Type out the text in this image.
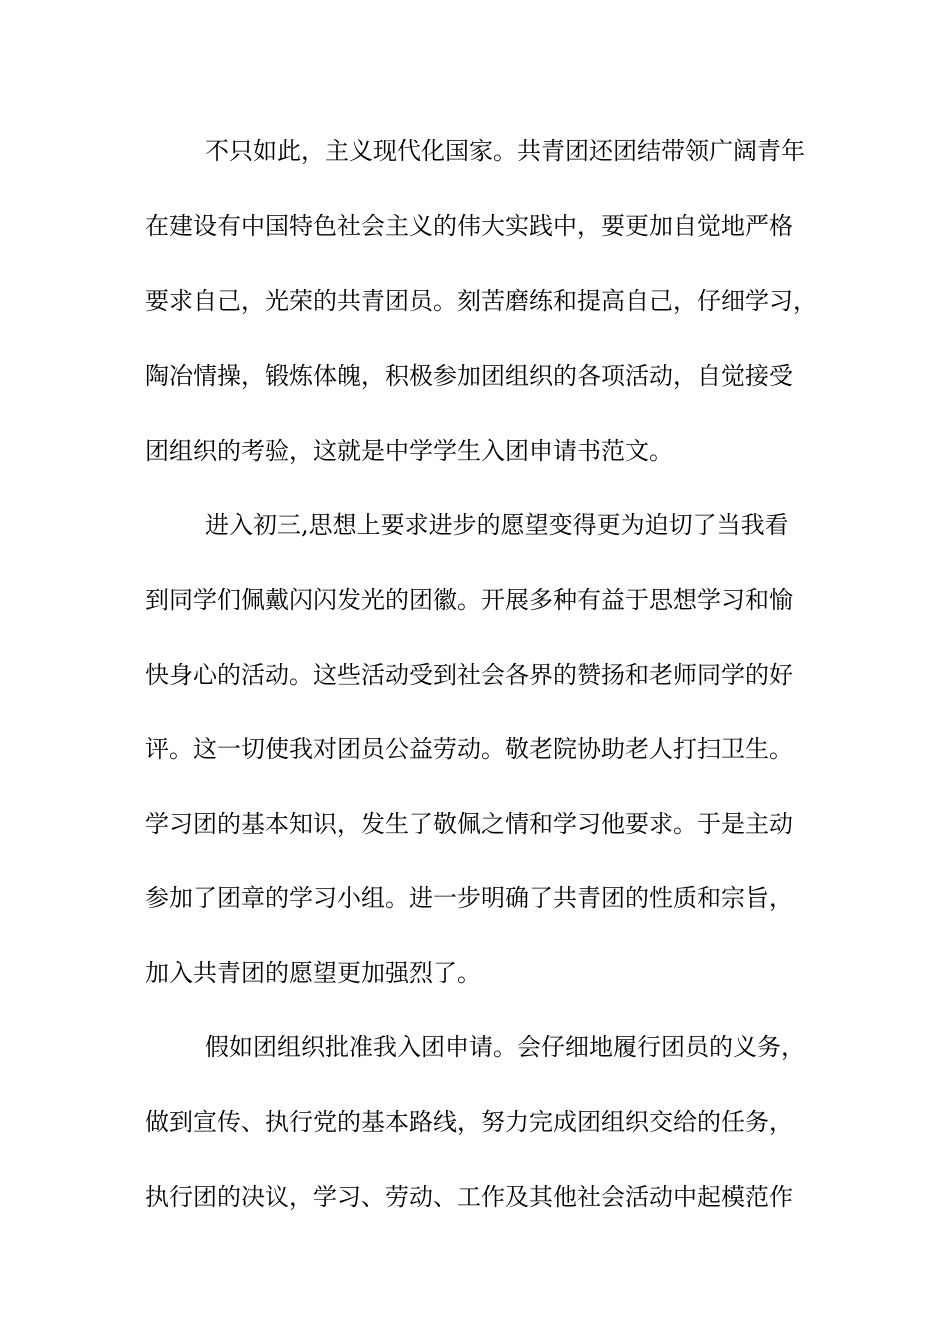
不只如此，主义现代化国家。共青团还团结带领广阔青年
在建设有中国特色社会主义的伟大实践中，要更加自觉地严格
要求自己，光荣的共青团员。刻苦磨练和提高自己，仔细学习，
陶冶情操，锻炼体魄，积极参加团组织的各项活动，自觉接受
团组织的考验，这就是中学学生入团申请书范文。
进入初三,思想上要求进步的愿望变得更为迫切了当我看
到同学们佩戴闪闪发光的团徽。开展多种有益于思想学习和愉
快身心的活动。这些活动受到社会各界的赞扬和老师同学的好
评。这一切使我对团员公益劳动。敬老院协助老人打扫卫生。
学习团的基本知识，发生了敬佩之情和学习他要求。于是主动
参加了团章的学习小组。进一步明确了共青团的性质和宗旨，
加入共青团的愿望更加强烈了。
假如团组织批准我入团申请。会仔细地履行团员的义务，
做到宣传、执行党的基本路线，努力完成团组织交给的任务，
执行团的决议，学习、劳动、工作及其他社会活动中起模范作
